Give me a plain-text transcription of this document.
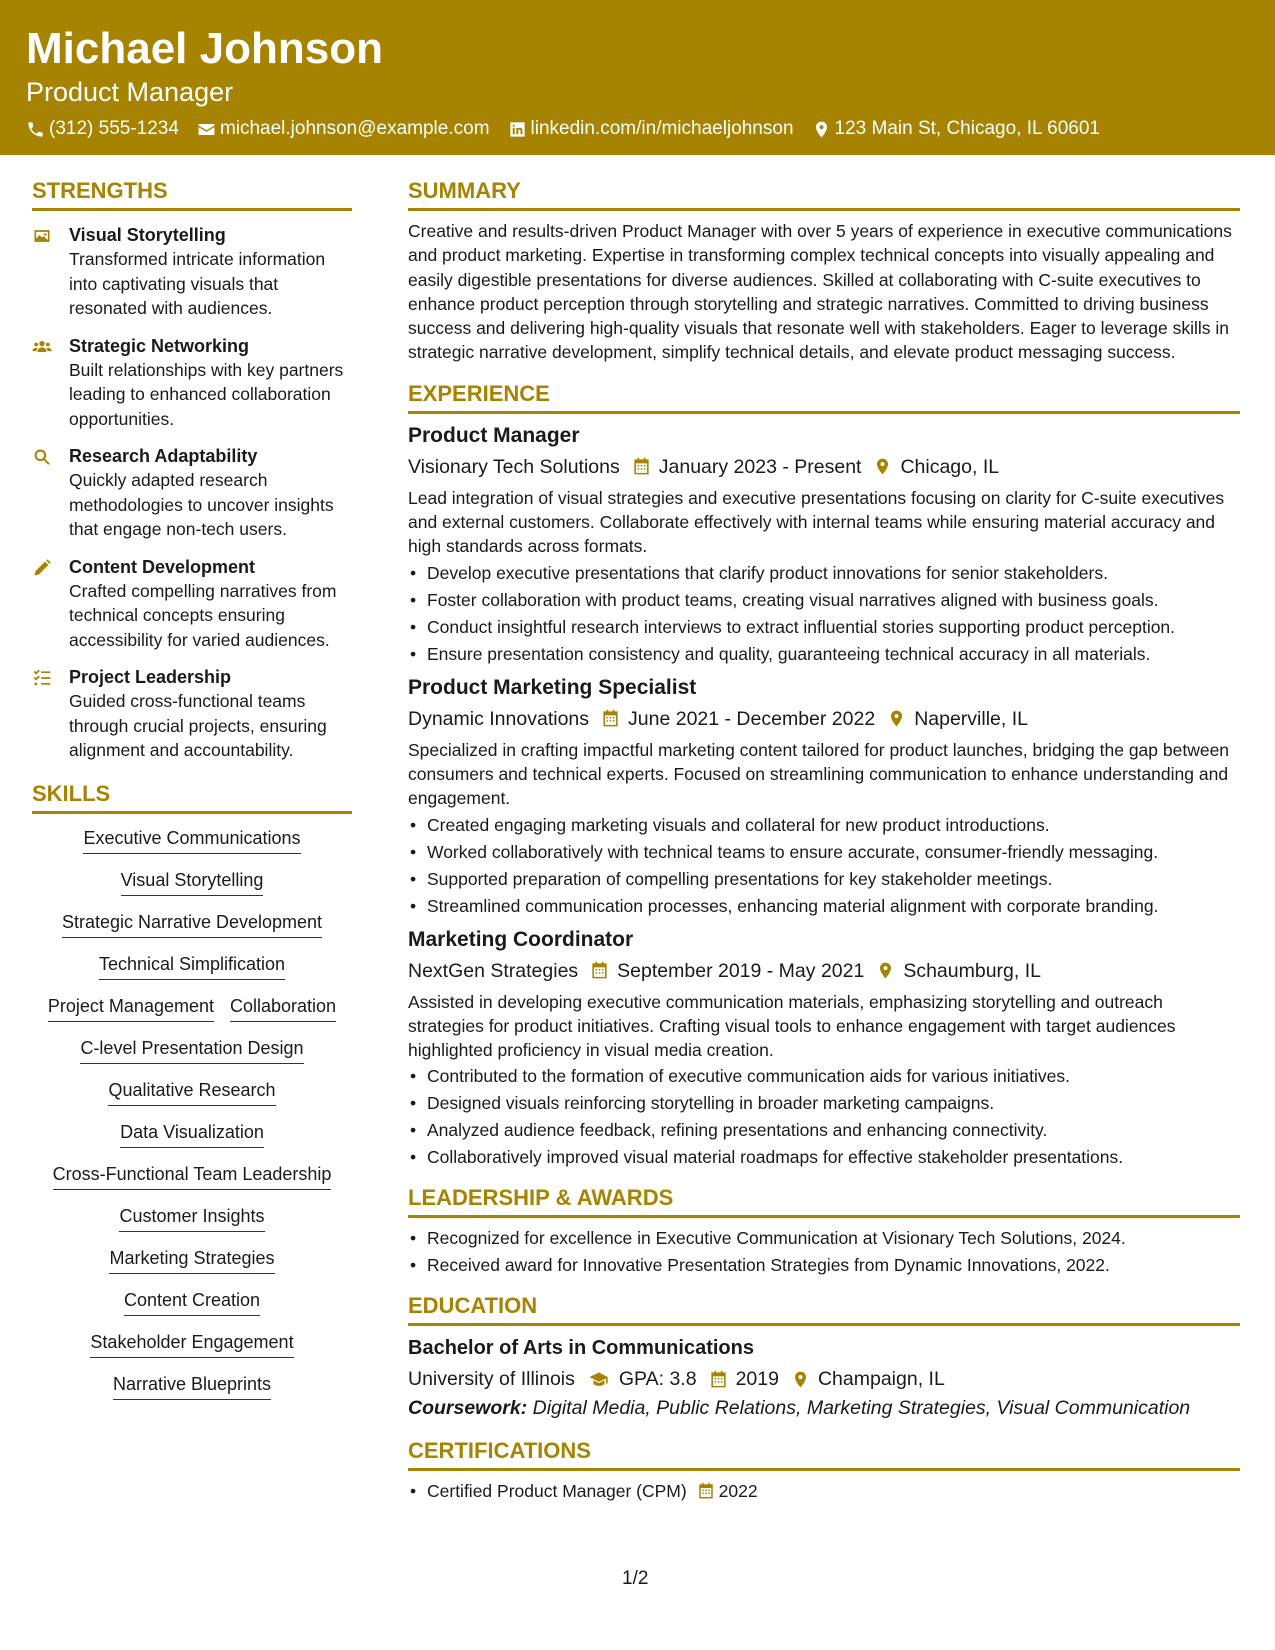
Michael Johnson
Product Manager
(312) 555-1234 michael.johnson@example.com linkedin.com/in/michaeljohnson 123 Main St, Chicago, IL 60601
STRENGTHS
Visual Storytelling
Transformed intricate information into captivating visuals that resonated with audiences.
Strategic Networking
Built relationships with key partners leading to enhanced collaboration opportunities.
Research Adaptability
Quickly adapted research methodologies to uncover insights that engage non-tech users.
Content Development
Crafted compelling narratives from technical concepts ensuring accessibility for varied audiences.
Project Leadership
Guided cross-functional teams through crucial projects, ensuring alignment and accountability.
SKILLS
Executive Communications
Visual Storytelling
Strategic Narrative Development
Technical Simplification
Project Management Collaboration
C-level Presentation Design
Qualitative Research
Data Visualization
Cross-Functional Team Leadership
Customer Insights
Marketing Strategies
Content Creation
Stakeholder Engagement
Narrative Blueprints
SUMMARY
Creative and results-driven Product Manager with over 5 years of experience in executive communications and product marketing. Expertise in transforming complex technical concepts into visually appealing and easily digestible presentations for diverse audiences. Skilled at collaborating with C-suite executives to enhance product perception through storytelling and strategic narratives. Committed to driving business success and delivering high-quality visuals that resonate well with stakeholders. Eager to leverage skills in strategic narrative development, simplify technical details, and elevate product messaging success.
EXPERIENCE
Product Manager
Visionary Tech Solutions January 2023 - Present Chicago, IL
Lead integration of visual strategies and executive presentations focusing on clarity for C-suite executives and external customers. Collaborate effectively with internal teams while ensuring material accuracy and high standards across formats.
• Develop executive presentations that clarify product innovations for senior stakeholders.
• Foster collaboration with product teams, creating visual narratives aligned with business goals.
• Conduct insightful research interviews to extract influential stories supporting product perception.
• Ensure presentation consistency and quality, guaranteeing technical accuracy in all materials.
Product Marketing Specialist
Dynamic Innovations June 2021 - December 2022 Naperville, IL
Specialized in crafting impactful marketing content tailored for product launches, bridging the gap between consumers and technical experts. Focused on streamlining communication to enhance understanding and engagement.
• Created engaging marketing visuals and collateral for new product introductions.
• Worked collaboratively with technical teams to ensure accurate, consumer-friendly messaging.
• Supported preparation of compelling presentations for key stakeholder meetings.
• Streamlined communication processes, enhancing material alignment with corporate branding.
Marketing Coordinator
NextGen Strategies September 2019 - May 2021 Schaumburg, IL
Assisted in developing executive communication materials, emphasizing storytelling and outreach strategies for product initiatives. Crafting visual tools to enhance engagement with target audiences highlighted proficiency in visual media creation.
• Contributed to the formation of executive communication aids for various initiatives.
• Designed visuals reinforcing storytelling in broader marketing campaigns.
• Analyzed audience feedback, refining presentations and enhancing connectivity.
• Collaboratively improved visual material roadmaps for effective stakeholder presentations.
LEADERSHIP & AWARDS
• Recognized for excellence in Executive Communication at Visionary Tech Solutions, 2024.
• Received award for Innovative Presentation Strategies from Dynamic Innovations, 2022.
EDUCATION
Bachelor of Arts in Communications
University of Illinois GPA: 3.8 2019 Champaign, IL
Coursework: Digital Media, Public Relations, Marketing Strategies, Visual Communication
CERTIFICATIONS
• Certified Product Manager (CPM) 2022
1/2
